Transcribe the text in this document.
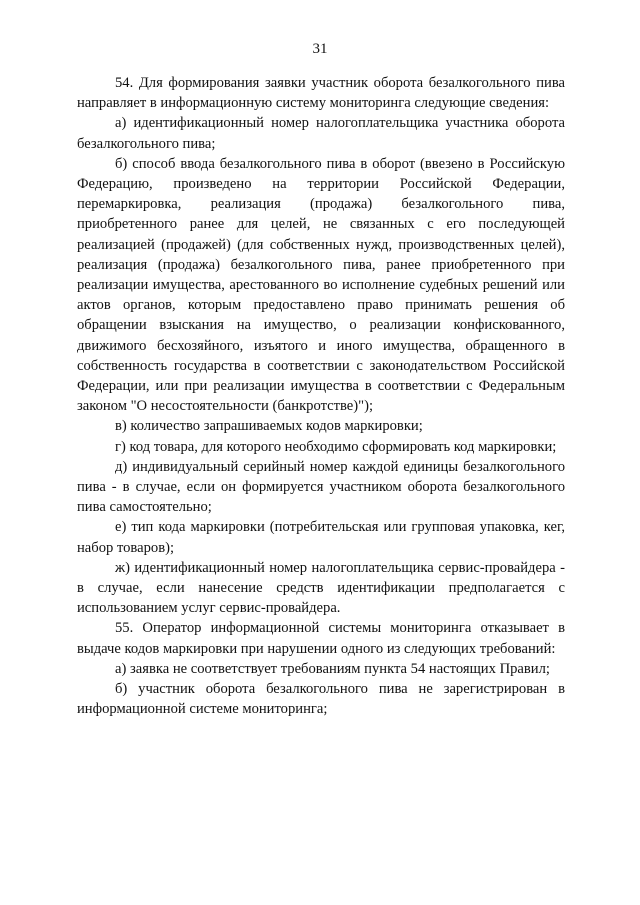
31

54. Для формирования заявки участник оборота безалкогольного пива направляет в информационную систему мониторинга следующие сведения:

а) идентификационный номер налогоплательщика участника оборота безалкогольного пива;

б) способ ввода безалкогольного пива в оборот (ввезено в Российскую Федерацию, произведено на территории Российской Федерации, перемаркировка, реализация (продажа) безалкогольного пива, приобретенного ранее для целей, не связанных с его последующей реализацией (продажей) (для собственных нужд, производственных целей), реализация (продажа) безалкогольного пива, ранее приобретенного при реализации имущества, арестованного во исполнение судебных решений или актов органов, которым предоставлено право принимать решения об обращении взыскания на имущество, о реализации конфискованного, движимого бесхозяйного, изъятого и иного имущества, обращенного в собственность государства в соответствии с законодательством Российской Федерации, или при реализации имущества в соответствии с Федеральным законом "О несостоятельности (банкротстве)");

в) количество запрашиваемых кодов маркировки;

г) код товара, для которого необходимо сформировать код маркировки;

д) индивидуальный серийный номер каждой единицы безалкогольного пива - в случае, если он формируется участником оборота безалкогольного пива самостоятельно;

е) тип кода маркировки (потребительская или групповая упаковка, кег, набор товаров);

ж) идентификационный номер налогоплательщика сервис-провайдера - в случае, если нанесение средств идентификации предполагается с использованием услуг сервис-провайдера.

55. Оператор информационной системы мониторинга отказывает в выдаче кодов маркировки при нарушении одного из следующих требований:

а) заявка не соответствует требованиям пункта 54 настоящих Правил;

б) участник оборота безалкогольного пива не зарегистрирован в информационной системе мониторинга;
